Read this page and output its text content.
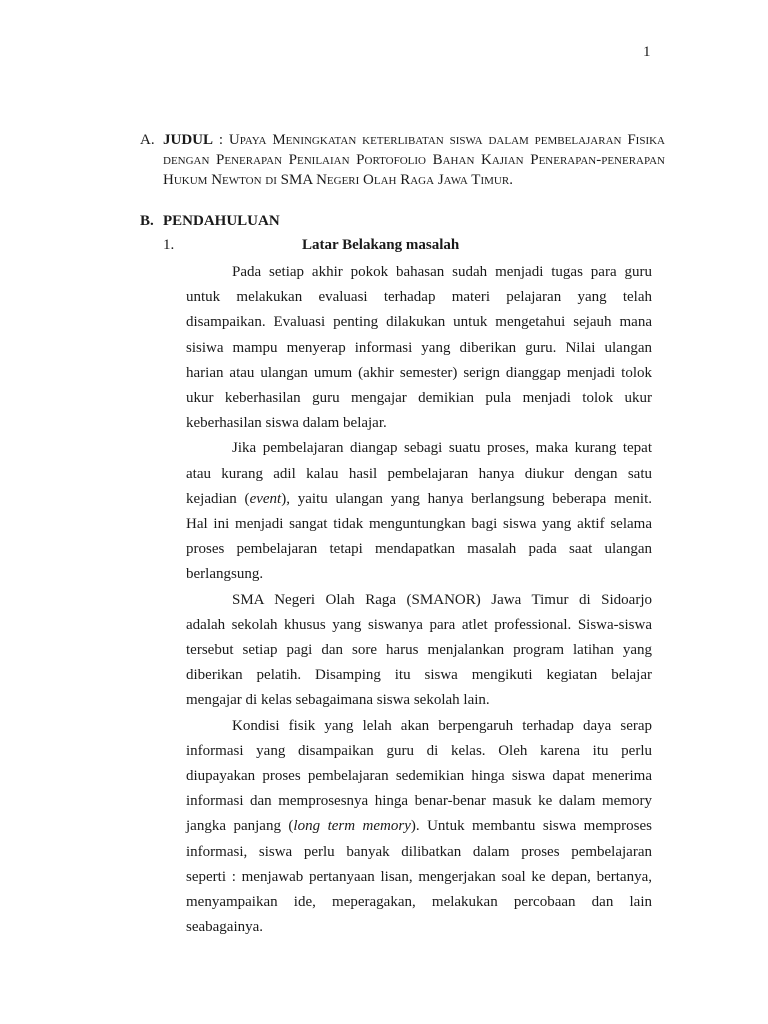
1
A. JUDUL : Upaya Meningkatan keterlibatan siswa dalam pembelajaran Fisika dengan Penerapan Penilaian Portofolio Bahan Kajian Penerapan-penerapan Hukum Newton di SMA Negeri Olah Raga Jawa Timur.
B. PENDAHULUAN
1.	Latar Belakang masalah

Pada setiap akhir pokok bahasan sudah menjadi tugas para guru
untuk melakukan evaluasi terhadap materi pelajaran yang telah
disampaikan. Evaluasi penting dilakukan untuk mengetahui sejauh mana
sisiwa mampu menyerap informasi yang diberikan guru. Nilai ulangan
harian atau ulangan umum (akhir semester) serign dianggap menjadi tolok
ukur keberhasilan guru mengajar demikian pula menjadi tolok ukur
keberhasilan siswa dalam belajar.

Jika pembelajaran diangap sebagi suatu proses, maka kurang tepat
atau kurang adil kalau hasil pembelajaran hanya diukur dengan satu
kejadian (event), yaitu ulangan yang hanya berlangsung beberapa menit.
Hal ini menjadi sangat tidak menguntungkan bagi siswa yang aktif selama
proses pembelajaran tetapi mendapatkan masalah pada saat ulangan
berlangsung.

SMA Negeri Olah Raga (SMANOR) Jawa Timur di Sidoarjo
adalah sekolah khusus yang siswanya para atlet professional. Siswa-siswa
tersebut setiap pagi dan sore harus menjalankan program latihan yang
diberikan pelatih. Disamping itu siswa mengikuti kegiatan belajar
mengajar di kelas sebagaimana siswa sekolah lain.

Kondisi fisik yang lelah akan berpengaruh terhadap daya serap
informasi yang disampaikan guru di kelas. Oleh karena itu perlu
diupayakan proses pembelajaran sedemikian hinga siswa dapat menerima
informasi dan memprosesnya hinga benar-benar masuk ke dalam memory
jangka panjang (long term memory). Untuk membantu siswa memproses
informasi, siswa perlu banyak dilibatkan dalam proses pembelajaran
seperti : menjawab pertanyaan lisan, mengerjakan soal ke depan, bertanya,
menyampaikan ide, meperagakan, melakukan percobaan dan lain
seabagainya.
